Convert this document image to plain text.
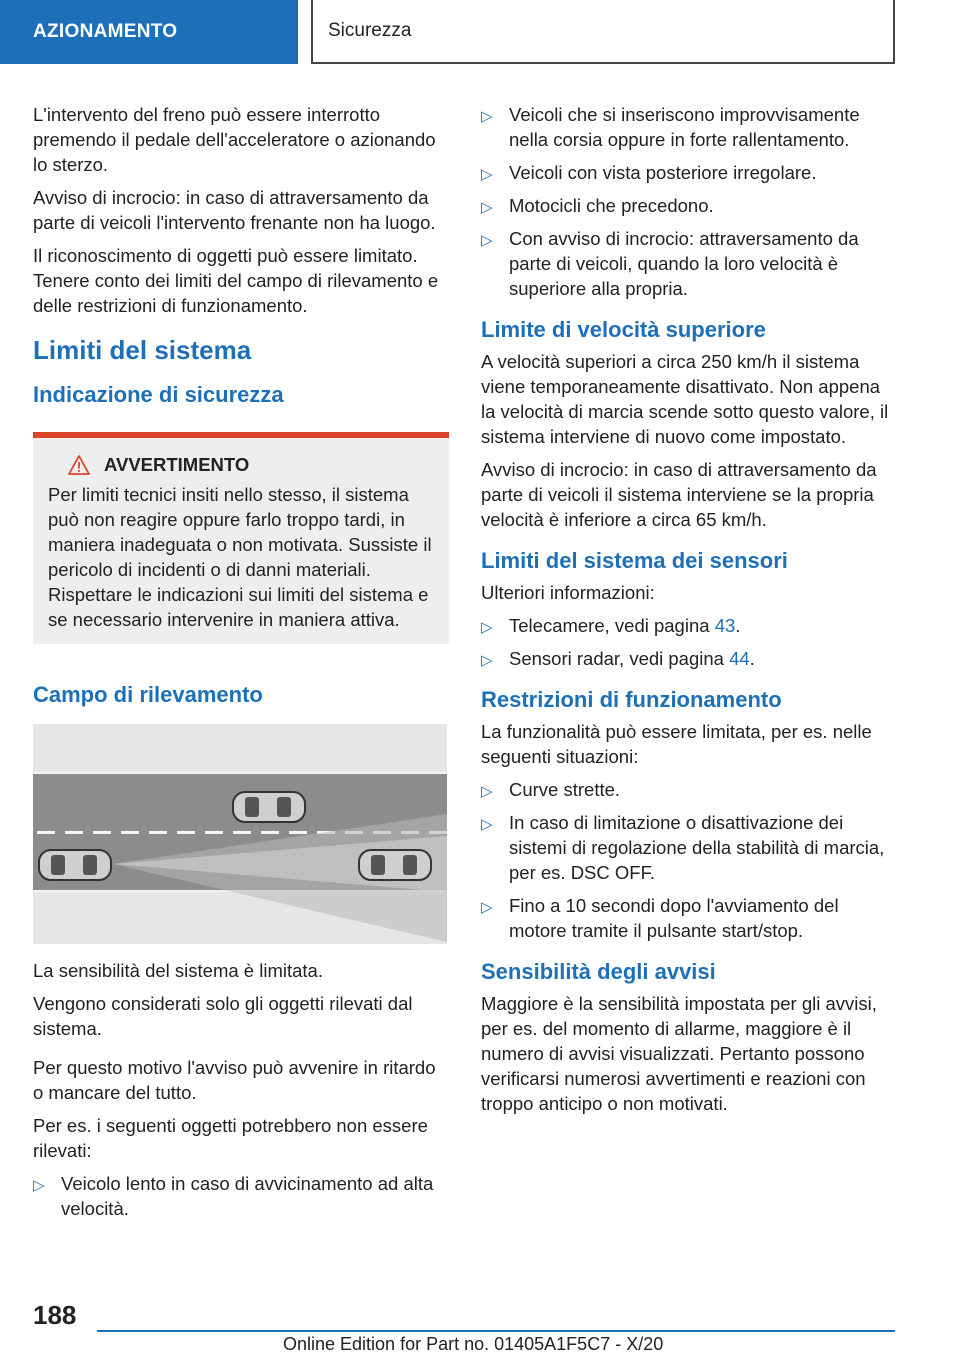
AZIONAMENTO	Sicurezza

L'intervento del freno può essere interrotto premendo il pedale dell'acceleratore o azionando lo sterzo.

Avviso di incrocio: in caso di attraversamento da parte di veicoli l'intervento frenante non ha luogo.

Il riconoscimento di oggetti può essere limitato. Tenere conto dei limiti del campo di rilevamento e delle restrizioni di funzionamento.

Limiti del sistema
Indicazione di sicurezza
AVVERTIMENTO

Per limiti tecnici insiti nello stesso, il sistema può non reagire oppure farlo troppo tardi, in maniera inadeguata o non motivata. Sussiste il pericolo di incidenti o di danni materiali. Rispettare le indicazioni sui limiti del sistema e se necessario intervenire in maniera attiva.

Campo di rilevamento

La sensibilità del sistema è limitata.

Vengono considerati solo gli oggetti rilevati dal sistema.

Per questo motivo l'avviso può avvenire in ritardo o mancare del tutto.

Per es. i seguenti oggetti potrebbero non essere rilevati:

▷ Veicolo lento in caso di avvicinamento ad alta velocità.
▷ Veicoli che si inseriscono improvvisamente nella corsia oppure in forte rallentamento.
▷ Veicoli con vista posteriore irregolare.
▷ Motocicli che precedono.
▷ Con avviso di incrocio: attraversamento da parte di veicoli, quando la loro velocità è superiore alla propria.
Limite di velocità superiore

A velocità superiori a circa 250 km/h il sistema viene temporaneamente disattivato. Non appena la velocità di marcia scende sotto questo valore, il sistema interviene di nuovo come impostato.

Avviso di incrocio: in caso di attraversamento da parte di veicoli il sistema interviene se la propria velocità è inferiore a circa 65 km/h.

Limiti del sistema dei sensori

Ulteriori informazioni:

▷ Telecamere, vedi pagina 43.
▷ Sensori radar, vedi pagina 44.
Restrizioni di funzionamento

La funzionalità può essere limitata, per es. nelle seguenti situazioni:

▷ Curve strette.
▷ In caso di limitazione o disattivazione dei sistemi di regolazione della stabilità di marcia, per es. DSC OFF.
▷ Fino a 10 secondi dopo l'avviamento del motore tramite il pulsante start/stop.
Sensibilità degli avvisi

Maggiore è la sensibilità impostata per gli avvisi, per es. del momento di allarme, maggiore è il numero di avvisi visualizzati. Pertanto possono verificarsi numerosi avvertimenti e reazioni con troppo anticipo o non motivati.

188
Online Edition for Part no. 01405A1F5C7 - X/20
